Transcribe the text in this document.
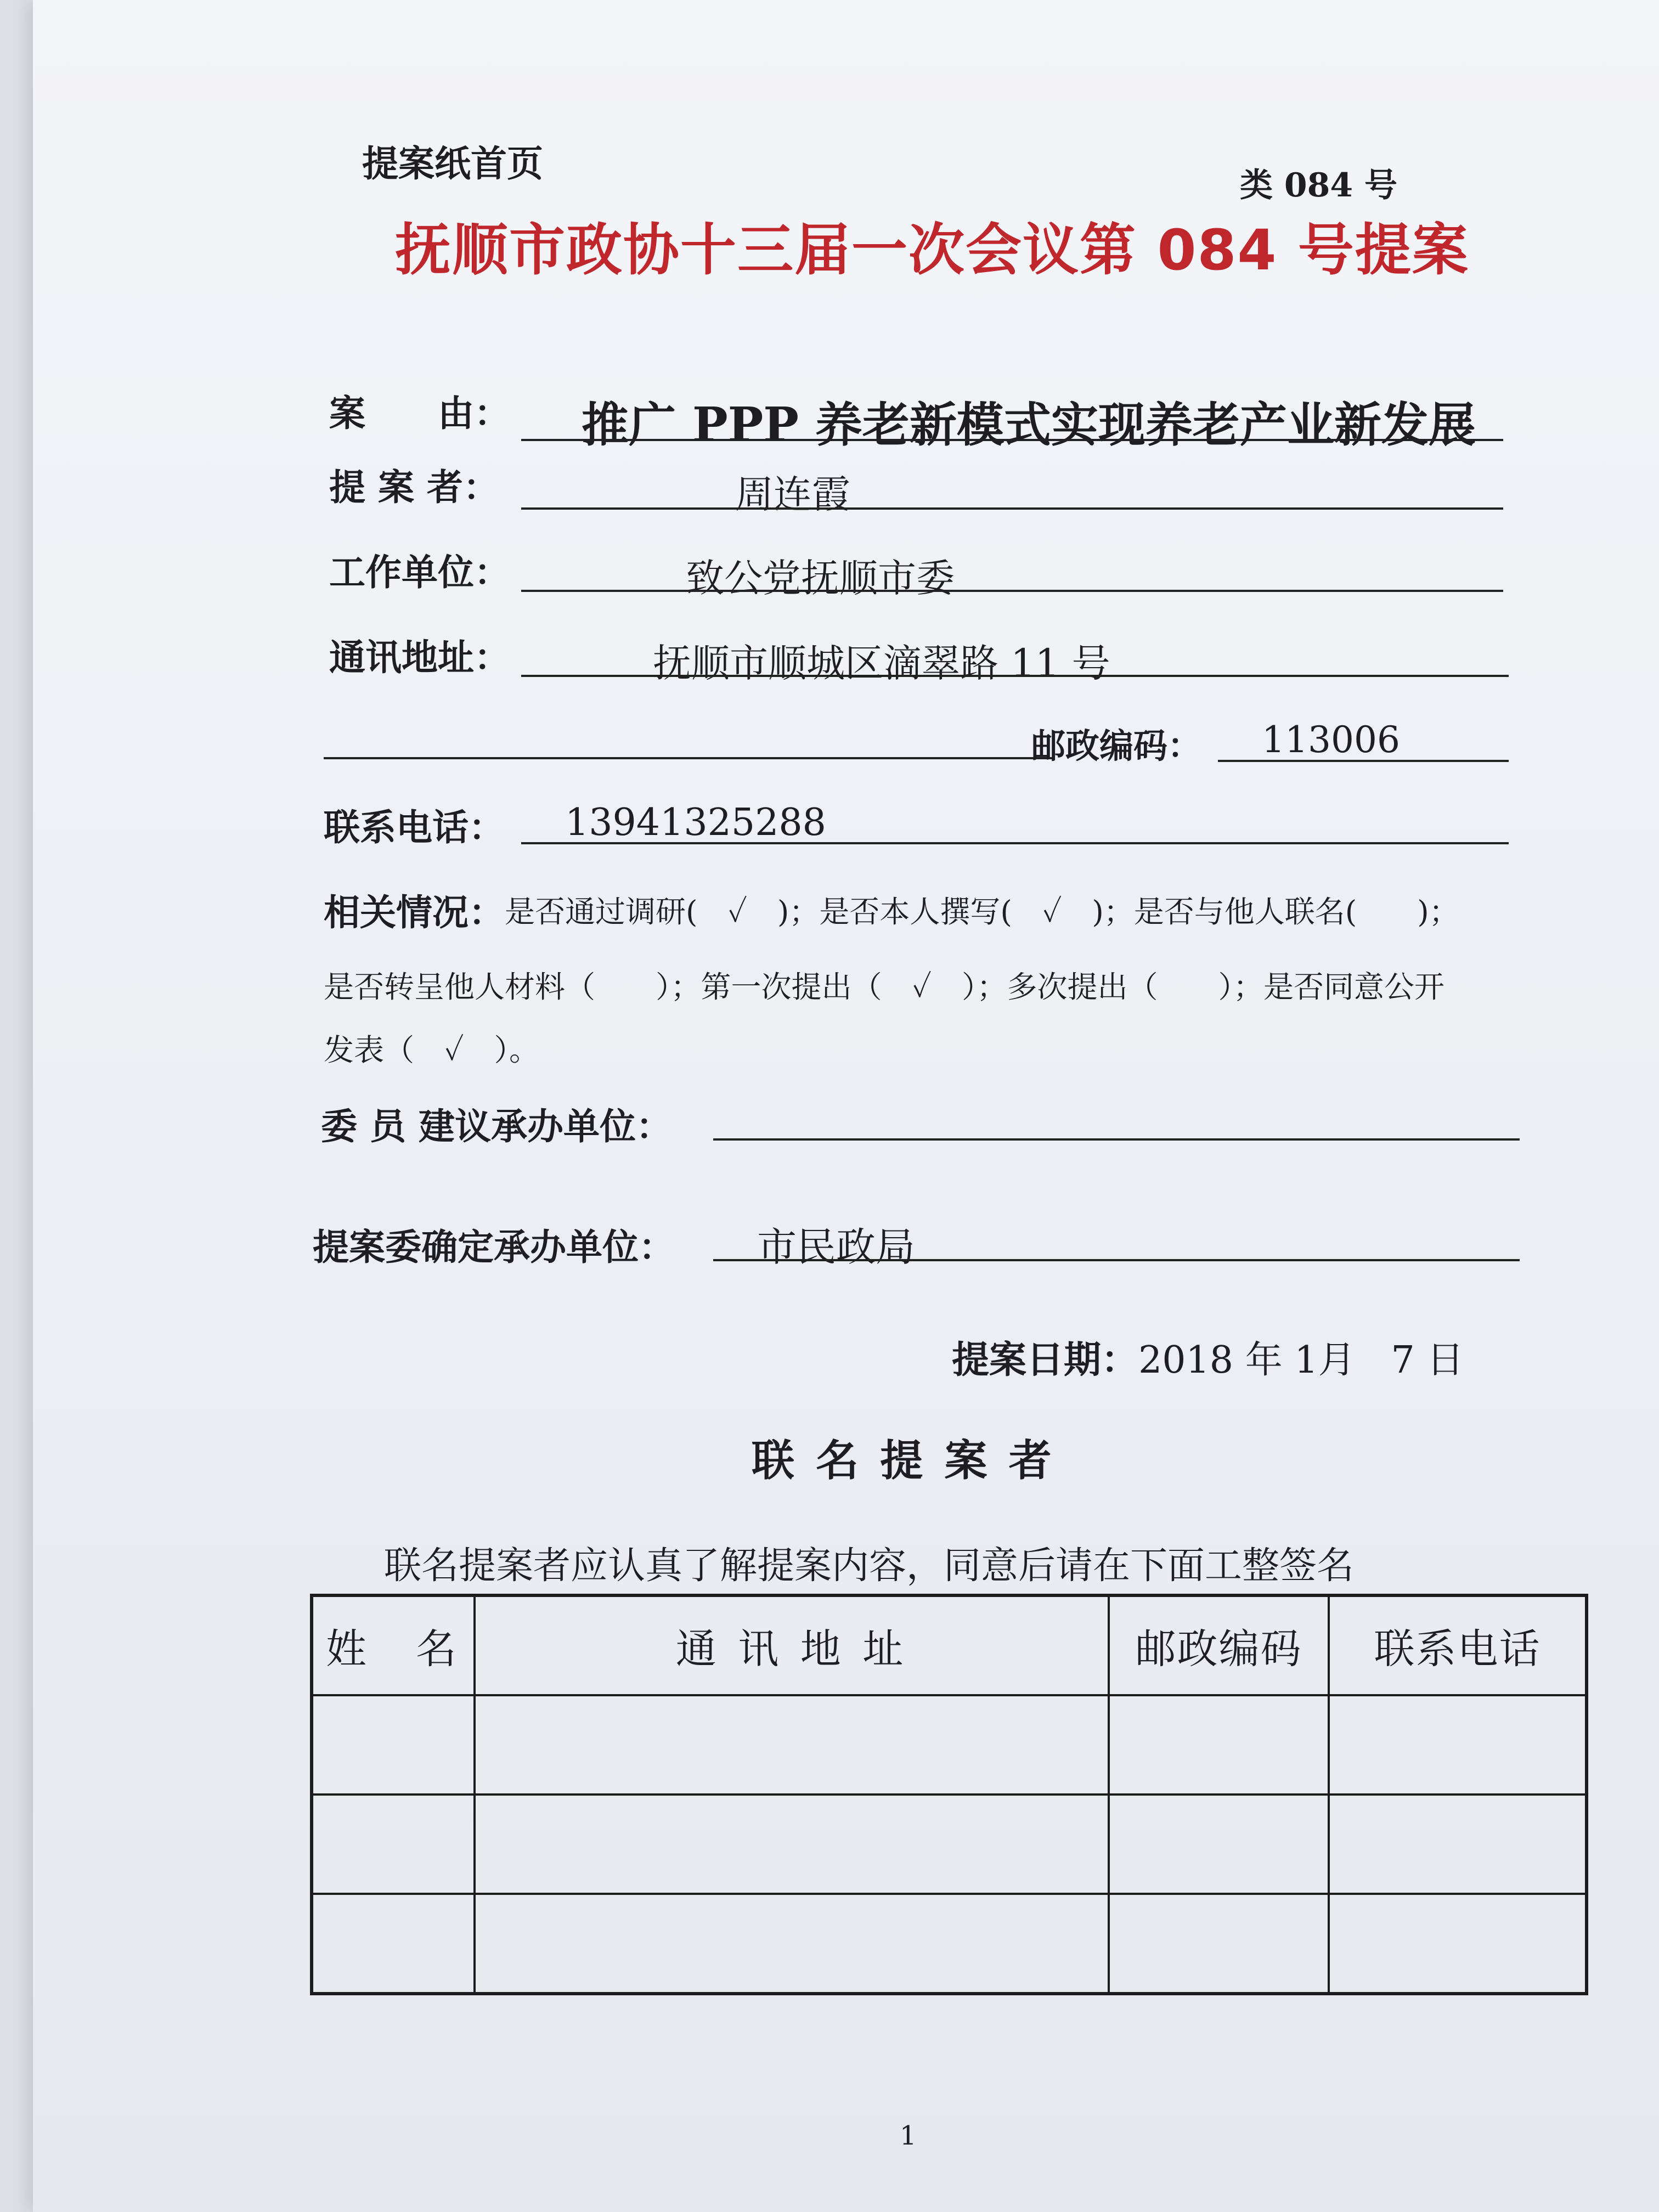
提案纸首页
类 084 号
抚顺市政协十三届一次会议第 084 号提案
案　　由： 推广 PPP 养老新模式实现养老产业新发展
提 案 者：	周连霞
工作单位：	致公党抚顺市委
通讯地址：	抚顺市顺城区滴翠路 11 号
邮政编码： 113006
联系电话： 13941325288
相关情况： 是否通过调研(　✓　)；是否本人撰写(　✓　)；是否与他人联名(　　)；
是否转呈他人材料（　　）；第一次提出（　✓　）；多次提出（　　）；是否同意公开
发表（　✓　）。
委 员 建议承办单位：
提案委确定承办单位： 市民政局
提案日期：2018 年 1月 7 日
联 名 提 案 者
联名提案者应认真了解提案内容，同意后请在下面工整签名
姓　名	通 讯 地 址	邮政编码	联系电话

1
